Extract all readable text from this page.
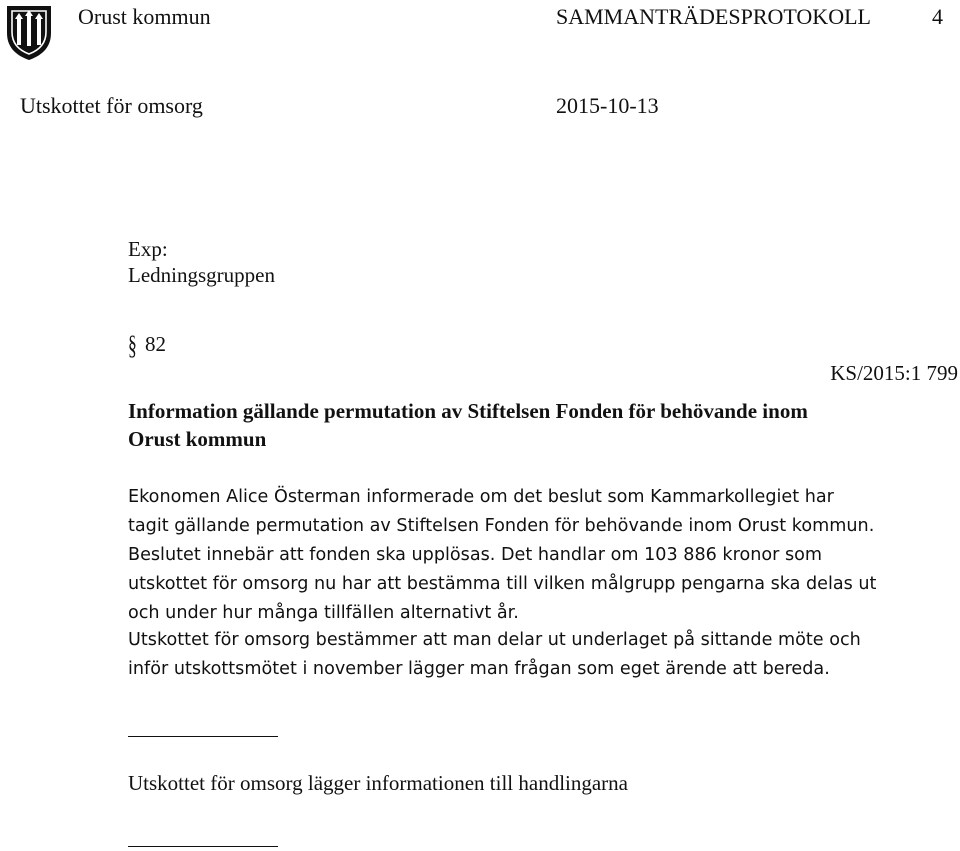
Orust kommun	SAMMANTRÄDESPROTOKOLL	4
Utskottet för omsorg	2015-10-13
Exp:
Ledningsgruppen
§ 82
KS/2015:1 799
Information gällande permutation av Stiftelsen Fonden för behövande inom
Orust kommun
Ekonomen Alice Österman informerade om det beslut som Kammarkollegiet har
tagit gällande permutation av Stiftelsen Fonden för behövande inom Orust kommun.
Beslutet innebär att fonden ska upplösas. Det handlar om 103 886 kronor som
utskottet för omsorg nu har att bestämma till vilken målgrupp pengarna ska delas ut
och under hur många tillfällen alternativt år.
Utskottet för omsorg bestämmer att man delar ut underlaget på sittande möte och
inför utskottsmötet i november lägger man frågan som eget ärende att bereda.
Utskottet för omsorg lägger informationen till handlingarna
